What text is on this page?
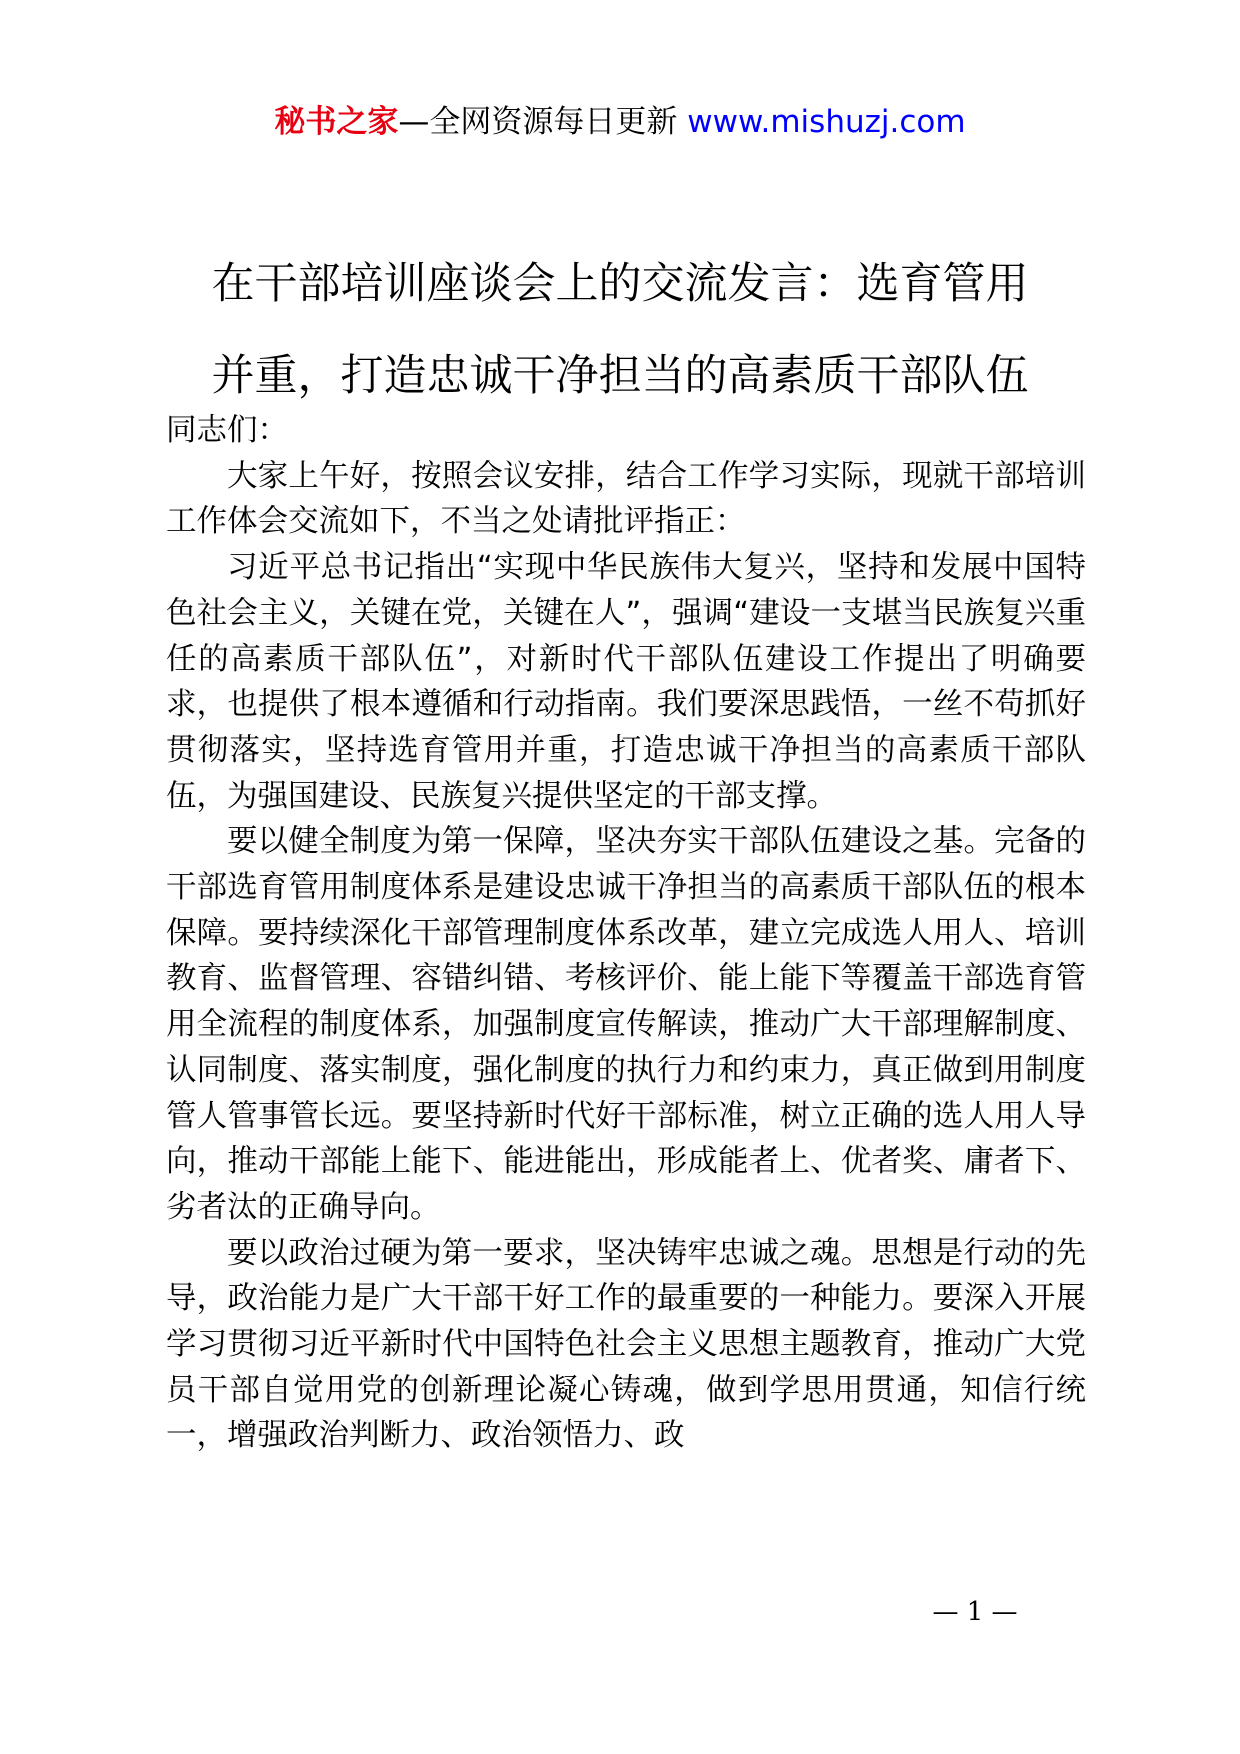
秘书之家—全网资源每日更新 www.mishuzj.com
在干部培训座谈会上的交流发言：选育管用
并重，打造忠诚干净担当的高素质干部队伍

同志们：

大家上午好，按照会议安排，结合工作学习实际，现就干部培训工作体会交流如下，不当之处请批评指正：

习近平总书记指出“实现中华民族伟大复兴，坚持和发展中国特色社会主义，关键在党，关键在人”，强调“建设一支堪当民族复兴重任的高素质干部队伍”，对新时代干部队伍建设工作提出了明确要求，也提供了根本遵循和行动指南。我们要深思践悟，一丝不苟抓好贯彻落实，坚持选育管用并重，打造忠诚干净担当的高素质干部队伍，为强国建设、民族复兴提供坚定的干部支撑。

要以健全制度为第一保障，坚决夯实干部队伍建设之基。完备的干部选育管用制度体系是建设忠诚干净担当的高素质干部队伍的根本保障。要持续深化干部管理制度体系改革，建立完成选人用人、培训教育、监督管理、容错纠错、考核评价、能上能下等覆盖干部选育管用全流程的制度体系，加强制度宣传解读，推动广大干部理解制度、认同制度、落实制度，强化制度的执行力和约束力，真正做到用制度管人管事管长远。要坚持新时代好干部标准，树立正确的选人用人导向，推动干部能上能下、能进能出，形成能者上、优者奖、庸者下、劣者汰的正确导向。

要以政治过硬为第一要求，坚决铸牢忠诚之魂。思想是行动的先导，政治能力是广大干部干好工作的最重要的一种能力。要深入开展学习贯彻习近平新时代中国特色社会主义思想主题教育，推动广大党员干部自觉用党的创新理论凝心铸魂，做到学思用贯通，知信行统一，增强政治判断力、政治领悟力、政

— 1 —
